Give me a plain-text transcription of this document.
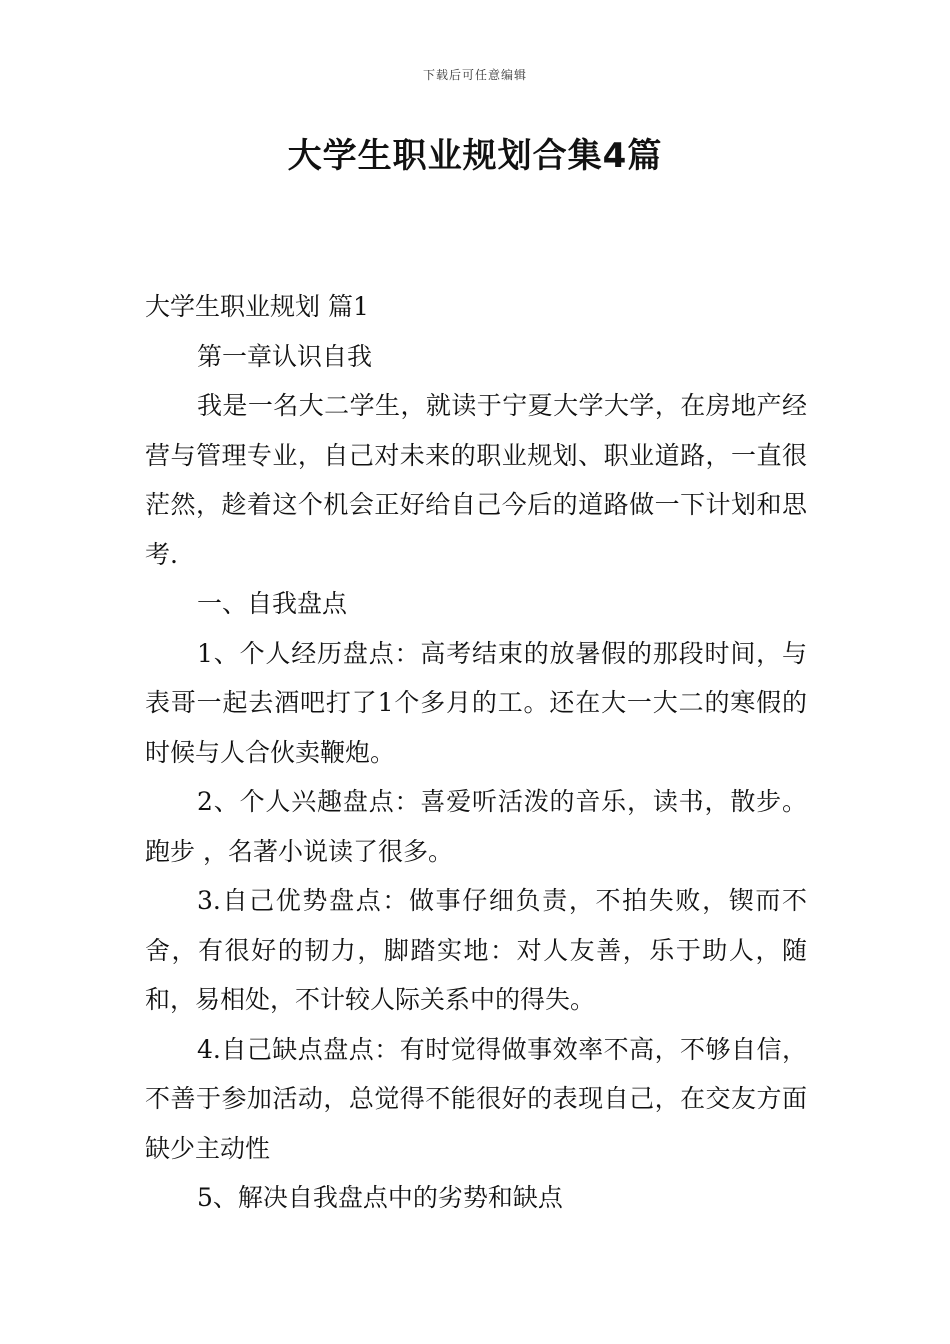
下载后可任意编辑
大学生职业规划合集4篇

大学生职业规划 篇1

第一章认识自我

我是一名大二学生，就读于宁夏大学大学，在房地产经营与管理专业，自己对未来的职业规划、职业道路，一直很茫然，趁着这个机会正好给自己今后的道路做一下计划和思考.

一、自我盘点

1、个人经历盘点：高考结束的放暑假的那段时间，与表哥一起去酒吧打了1个多月的工。还在大一大二的寒假的时候与人合伙卖鞭炮。

2、个人兴趣盘点：喜爱听活泼的音乐，读书，散步。跑步 ，名著小说读了很多。

3.自己优势盘点：做事仔细负责，不拍失败，锲而不舍，有很好的韧力，脚踏实地：对人友善，乐于助人，随和，易相处，不计较人际关系中的得失。

4.自己缺点盘点：有时觉得做事效率不高，不够自信，不善于参加活动，总觉得不能很好的表现自己，在交友方面缺少主动性

5、解决自我盘点中的劣势和缺点
